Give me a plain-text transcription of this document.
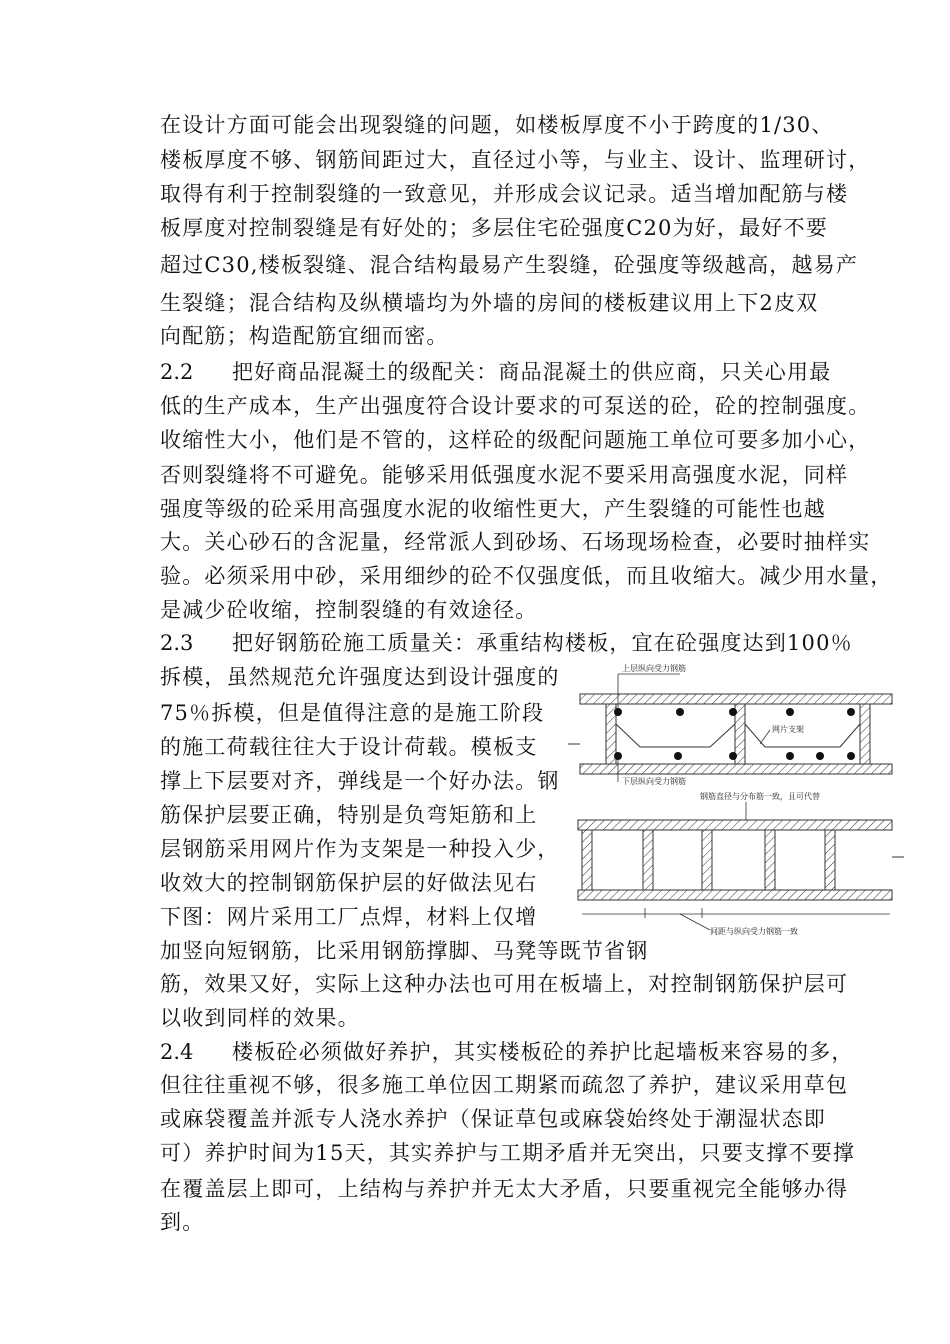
在设计方面可能会出现裂缝的问题，如楼板厚度不小于跨度的1/30、
楼板厚度不够、钢筋间距过大，直径过小等，与业主、设计、监理研讨，
取得有利于控制裂缝的一致意见，并形成会议记录。适当增加配筋与楼
板厚度对控制裂缝是有好处的；多层住宅砼强度C20为好，最好不要
超过C30,楼板裂缝、混合结构最易产生裂缝，砼强度等级越高，越易产
生裂缝；混合结构及纵横墙均为外墙的房间的楼板建议用上下2皮双
向配筋；构造配筋宜细而密。
2.2 把好商品混凝土的级配关：商品混凝土的供应商，只关心用最
低的生产成本，生产出强度符合设计要求的可泵送的砼，砼的控制强度。
收缩性大小，他们是不管的，这样砼的级配问题施工单位可要多加小心，
否则裂缝将不可避免。能够采用低强度水泥不要采用高强度水泥，同样
强度等级的砼采用高强度水泥的收缩性更大，产生裂缝的可能性也越
大。关心砂石的含泥量，经常派人到砂场、石场现场检查，必要时抽样实
验。必须采用中砂，采用细纱的砼不仅强度低，而且收缩大。减少用水量，
是减少砼收缩，控制裂缝的有效途径。
2.3 把好钢筋砼施工质量关：承重结构楼板，宜在砼强度达到100％
拆模，虽然规范允许强度达到设计强度的
75％拆模，但是值得注意的是施工阶段
的施工荷载往往大于设计荷载。模板支
撑上下层要对齐，弹线是一个好办法。钢
筋保护层要正确，特别是负弯矩筋和上
层钢筋采用网片作为支架是一种投入少，
收效大的控制钢筋保护层的好做法见右
下图：网片采用工厂点焊，材料上仅增
加竖向短钢筋，比采用钢筋撑脚、马凳等既节省钢
筋，效果又好，实际上这种办法也可用在板墙上，对控制钢筋保护层可
以收到同样的效果。
2.4 楼板砼必须做好养护，其实楼板砼的养护比起墙板来容易的多，
但往往重视不够，很多施工单位因工期紧而疏忽了养护，建议采用草包
或麻袋覆盖并派专人浇水养护（保证草包或麻袋始终处于潮湿状态即
可）养护时间为15天，其实养护与工期矛盾并无突出，只要支撑不要撑
在覆盖层上即可，上结构与养护并无太大矛盾，只要重视完全能够办得
到。
上层纵向受力钢筋
网片支架
下层纵向受力钢筋
钢筋直径与分布筋一致，且可代替
间距与纵向受力钢筋一致
